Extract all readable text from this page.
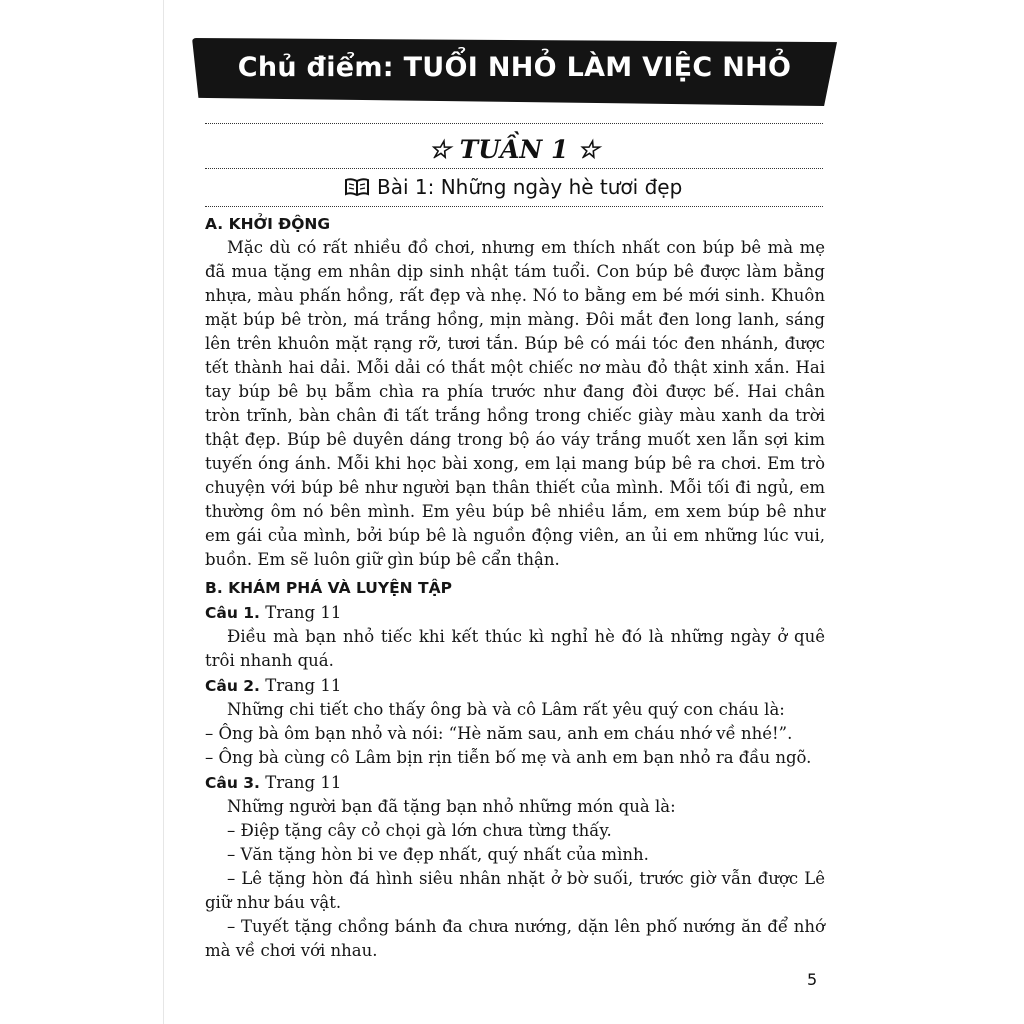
Chủ điểm: TUỔI NHỎ LÀM VIỆC NHỎ
☆ TUẦN 1 ☆
Bài 1: Những ngày hè tươi đẹp
A. KHỞI ĐỘNG
Mặc dù có rất nhiều đồ chơi, nhưng em thích nhất con búp bê mà mẹ đã mua tặng em nhân dịp sinh nhật tám tuổi. Con búp bê được làm bằng nhựa, màu phấn hồng, rất đẹp và nhẹ. Nó to bằng em bé mới sinh. Khuôn mặt búp bê tròn, má trắng hồng, mịn màng. Đôi mắt đen long lanh, sáng lên trên khuôn mặt rạng rỡ, tươi tắn. Búp bê có mái tóc đen nhánh, được tết thành hai dải. Mỗi dải có thắt một chiếc nơ màu đỏ thật xinh xắn. Hai tay búp bê bụ bẫm chìa ra phía trước như đang đòi được bế. Hai chân tròn trĩnh, bàn chân đi tất trắng hồng trong chiếc giày màu xanh da trời thật đẹp. Búp bê duyên dáng trong bộ áo váy trắng muốt xen lẫn sợi kim tuyến óng ánh. Mỗi khi học bài xong, em lại mang búp bê ra chơi. Em trò chuyện với búp bê như người bạn thân thiết của mình. Mỗi tối đi ngủ, em thường ôm nó bên mình. Em yêu búp bê nhiều lắm, em xem búp bê như em gái của mình, bởi búp bê là nguồn động viên, an ủi em những lúc vui, buồn. Em sẽ luôn giữ gìn búp bê cẩn thận.
B. KHÁM PHÁ VÀ LUYỆN TẬP
Câu 1. Trang 11
Điều mà bạn nhỏ tiếc khi kết thúc kì nghỉ hè đó là những ngày ở quê trôi nhanh quá.
Câu 2. Trang 11
Những chi tiết cho thấy ông bà và cô Lâm rất yêu quý con cháu là:
– Ông bà ôm bạn nhỏ và nói: “Hè năm sau, anh em cháu nhớ về nhé!”.
– Ông bà cùng cô Lâm bịn rịn tiễn bố mẹ và anh em bạn nhỏ ra đầu ngõ.
Câu 3. Trang 11
Những người bạn đã tặng bạn nhỏ những món quà là:
– Điệp tặng cây cỏ chọi gà lớn chưa từng thấy.
– Văn tặng hòn bi ve đẹp nhất, quý nhất của mình.
– Lê tặng hòn đá hình siêu nhân nhặt ở bờ suối, trước giờ vẫn được Lê giữ như báu vật.
– Tuyết tặng chồng bánh đa chưa nướng, dặn lên phố nướng ăn để nhớ mà về chơi với nhau.
5
